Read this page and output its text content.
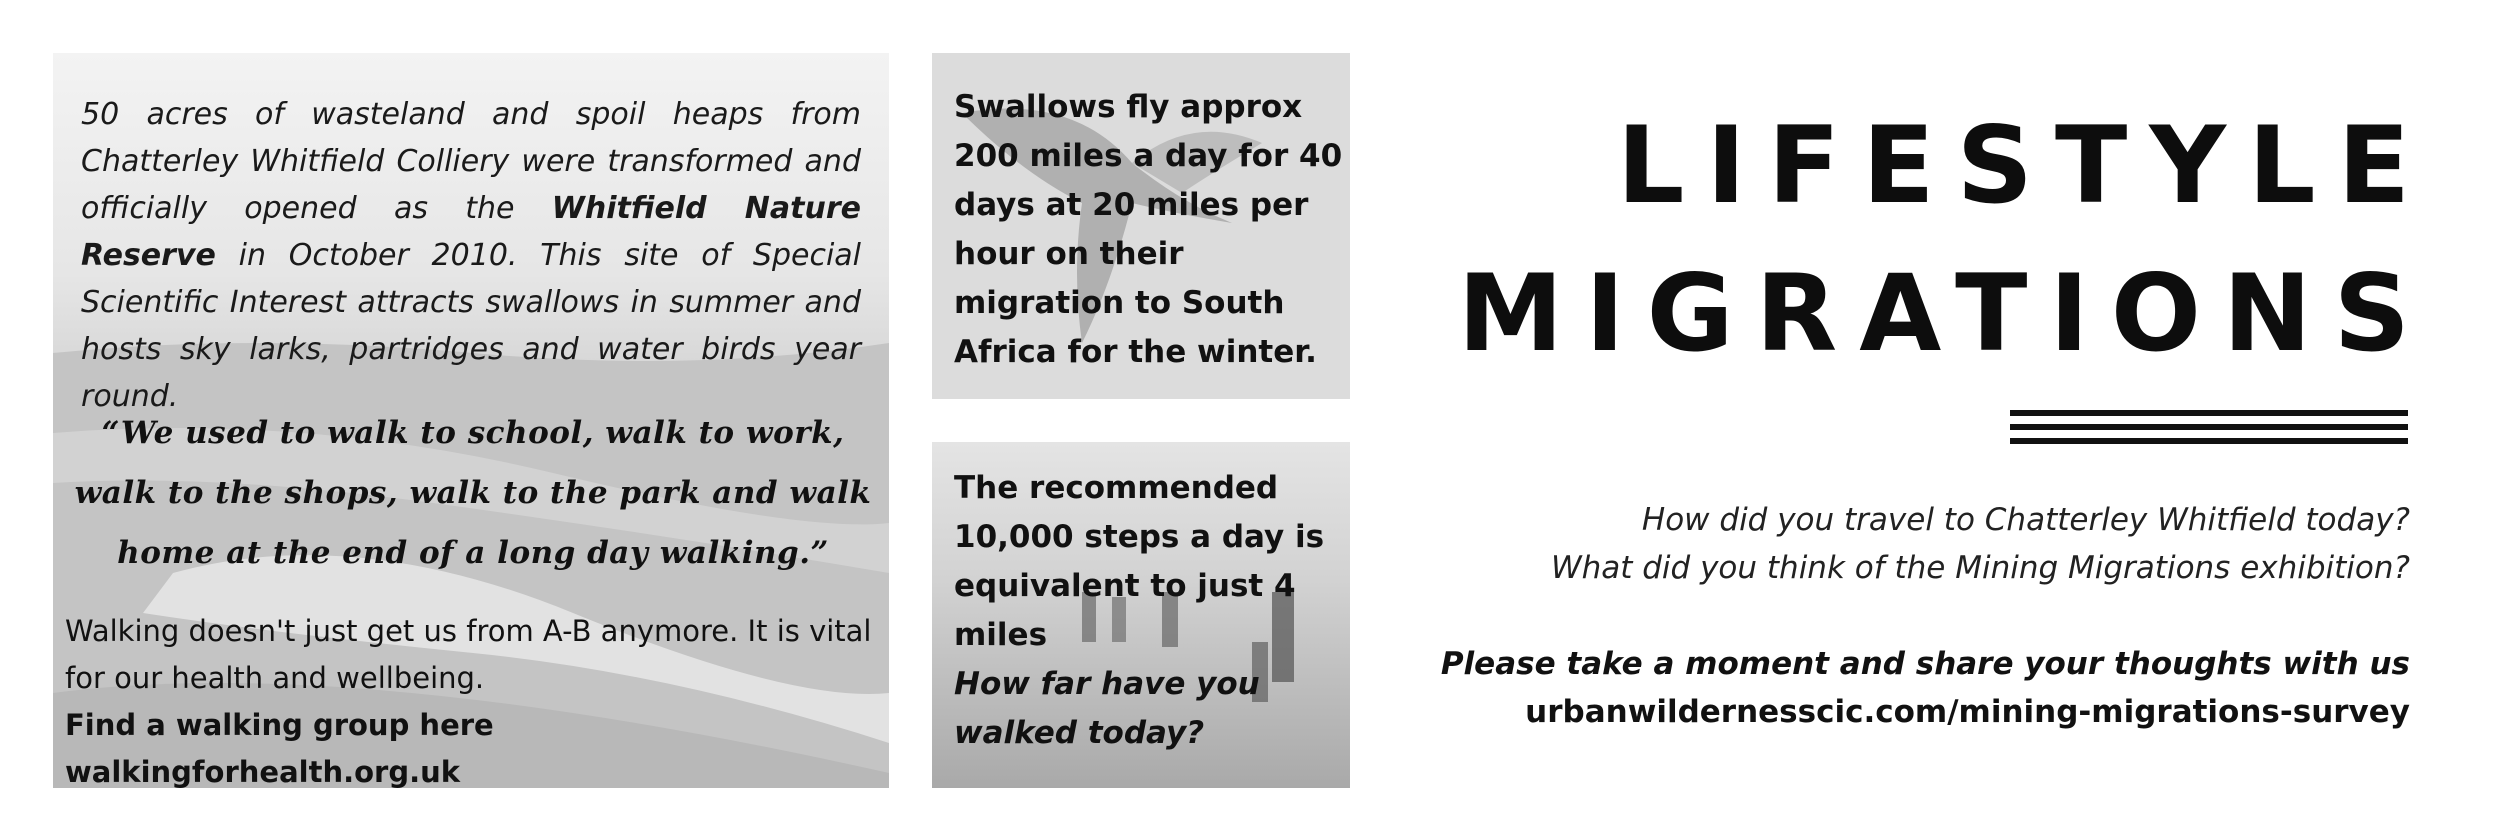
50 acres of wasteland and spoil heaps from Chatterley Whitfield Colliery were transformed and officially opened as the Whitfield Nature Reserve in October 2010. This site of Special Scientific Interest attracts swallows in summer and hosts sky larks, partridges and water birds year round.
“We used to walk to school, walk to work, walk to the shops, walk to the park and walk home at the end of a long day walking.”
Walking doesn't just get us from A-B anymore. It is vital for our health and wellbeing.
Find a walking group here walkingforhealth.org.uk
Swallows fly approx 200 miles a day for 40 days at 20 miles per hour on their migration to South Africa for the winter.
The recommended 10,000 steps a day is equivalent to just 4 miles
How far have you walked today?
LIFESTYLE
MIGRATIONS
How did you travel to Chatterley Whitfield today?
What did you think of the Mining Migrations exhibition?
Please take a moment and share your thoughts with us
urbanwildernesscic.com/mining-migrations-survey
